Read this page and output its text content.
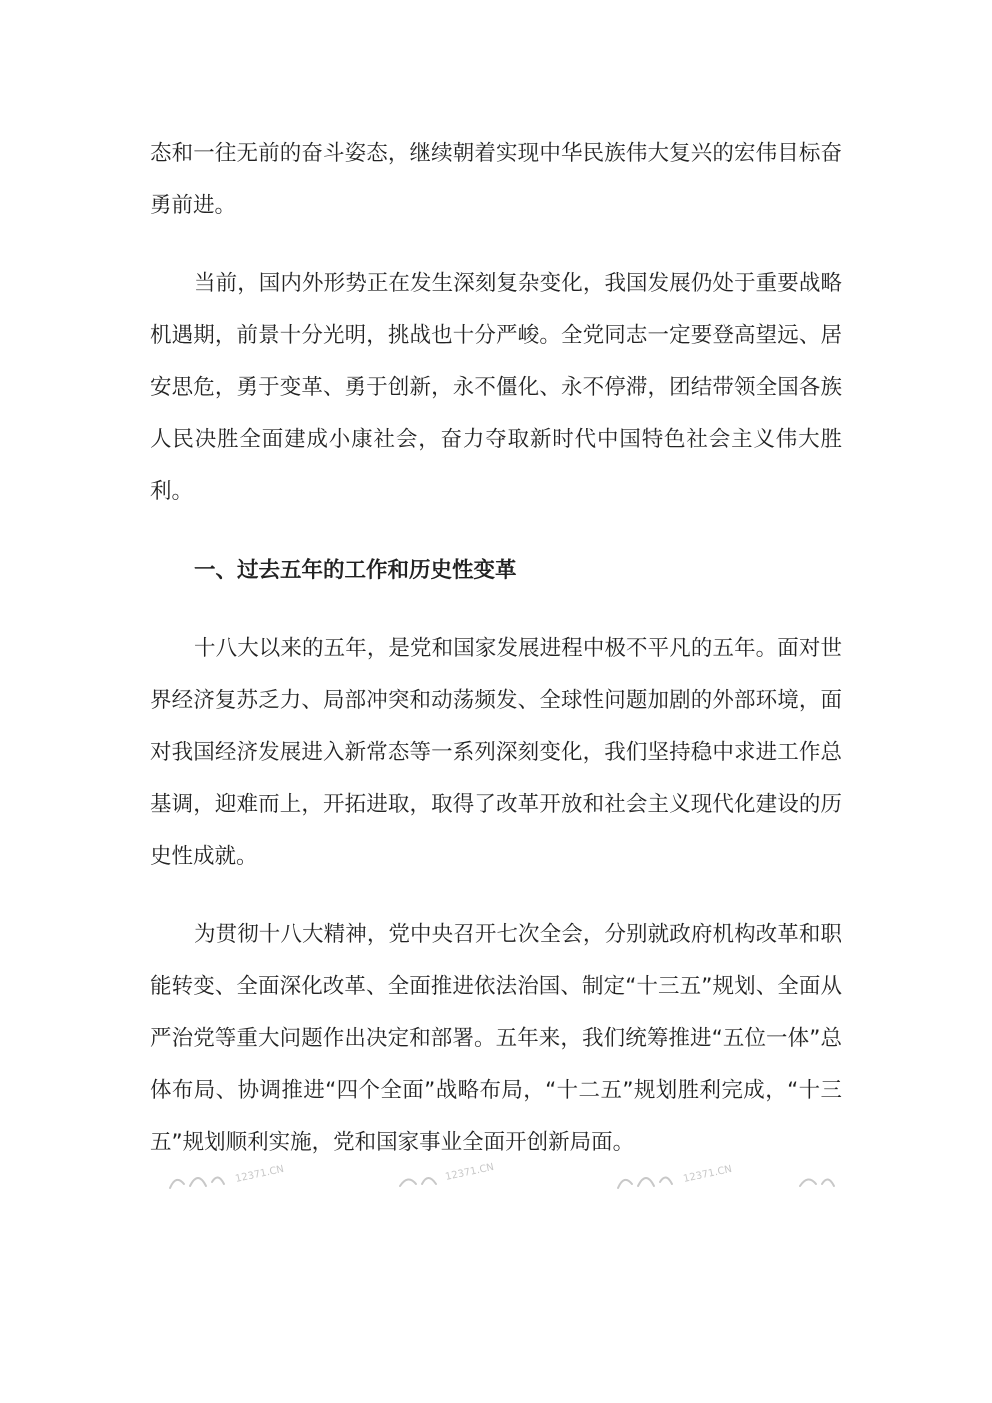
态和一往无前的奋斗姿态，继续朝着实现中华民族伟大复兴的宏伟目标奋勇前进。
当前，国内外形势正在发生深刻复杂变化，我国发展仍处于重要战略机遇期，前景十分光明，挑战也十分严峻。全党同志一定要登高望远、居安思危，勇于变革、勇于创新，永不僵化、永不停滞，团结带领全国各族人民决胜全面建成小康社会，奋力夺取新时代中国特色社会主义伟大胜利。
一、过去五年的工作和历史性变革
十八大以来的五年，是党和国家发展进程中极不平凡的五年。面对世界经济复苏乏力、局部冲突和动荡频发、全球性问题加剧的外部环境，面对我国经济发展进入新常态等一系列深刻变化，我们坚持稳中求进工作总基调，迎难而上，开拓进取，取得了改革开放和社会主义现代化建设的历史性成就。
为贯彻十八大精神，党中央召开七次全会，分别就政府机构改革和职能转变、全面深化改革、全面推进依法治国、制定“十三五”规划、全面从严治党等重大问题作出决定和部署。五年来，我们统筹推进“五位一体”总体布局、协调推进“四个全面”战略布局，“十二五”规划胜利完成，“十三五”规划顺利实施，党和国家事业全面开创新局面。
12371.CN	12371.CN	12371.CN
